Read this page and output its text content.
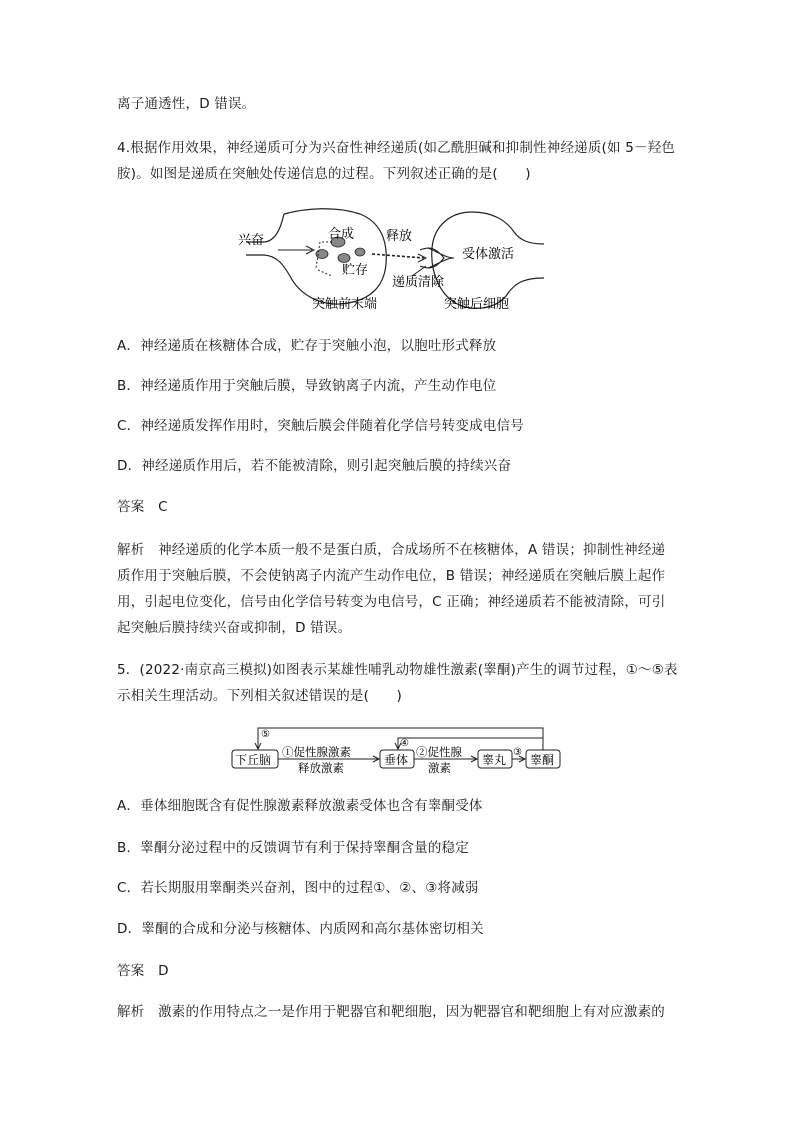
离子通透性，D 错误。
4.根据作用效果，神经递质可分为兴奋性神经递质(如乙酰胆碱和抑制性神经递质(如 5－羟色
胺)。如图是递质在突触处传递信息的过程。下列叙述正确的是(　　)
兴奋	合成
贮存
释放
受体激活
递质清除
突触前末端	突触后细胞
A．神经递质在核糖体合成，贮存于突触小泡，以胞吐形式释放
B．神经递质作用于突触后膜，导致钠离子内流，产生动作电位
C．神经递质发挥作用时，突触后膜会伴随着化学信号转变成电信号
D．神经递质作用后，若不能被清除，则引起突触后膜的持续兴奋
答案　C
解析　神经递质的化学本质一般不是蛋白质，合成场所不在核糖体，A 错误；抑制性神经递
质作用于突触后膜，不会使钠离子内流产生动作电位，B 错误；神经递质在突触后膜上起作
用，引起电位变化，信号由化学信号转变为电信号，C 正确；神经递质若不能被清除，可引
起突触后膜持续兴奋或抑制，D 错误。
5．(2022·南京高三模拟)如图表示某雄性哺乳动物雄性激素(睾酮)产生的调节过程，①～⑤表
示相关生理活动。下列相关叙述错误的是(　　)
下丘脑	垂体	睾丸 睾酮
①促性腺激素
释放激素
②促性腺
激素
③
④
⑤
A．垂体细胞既含有促性腺激素释放激素受体也含有睾酮受体
B．睾酮分泌过程中的反馈调节有利于保持睾酮含量的稳定
C．若长期服用睾酮类兴奋剂，图中的过程①、②、③将减弱
D．睾酮的合成和分泌与核糖体、内质网和高尔基体密切相关
答案　D
解析　激素的作用特点之一是作用于靶器官和靶细胞，因为靶器官和靶细胞上有对应激素的
